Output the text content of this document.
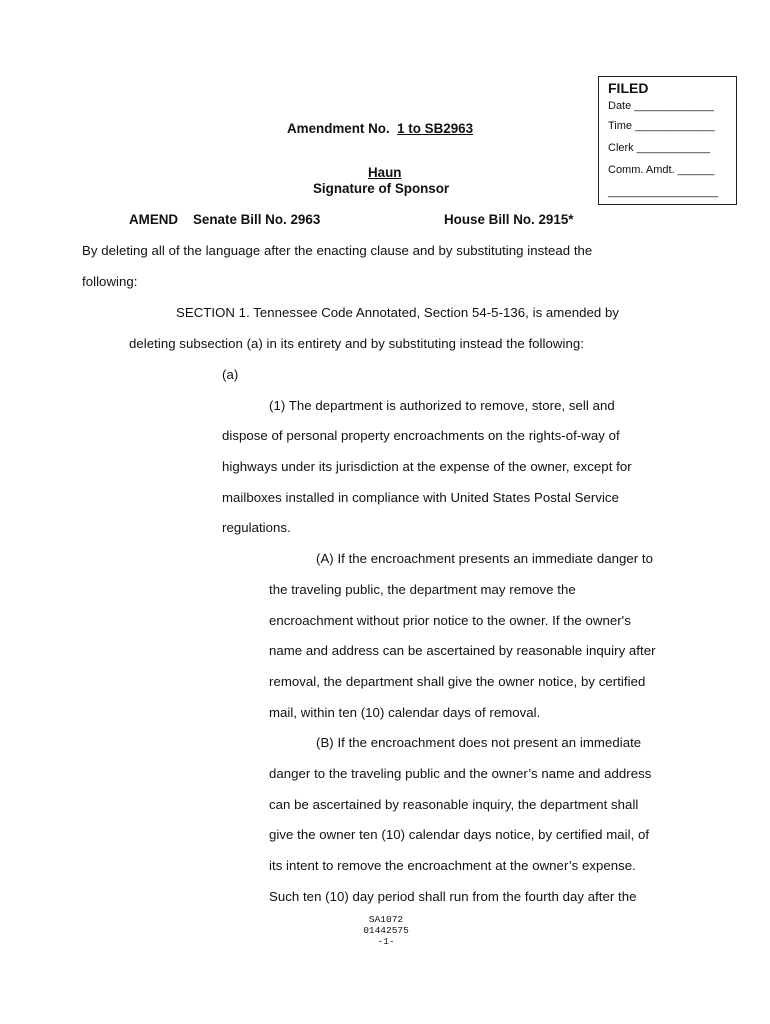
FILED
Date _____________
Time _____________
Clerk ____________
Comm. Amdt. ______
__________________
Amendment No. 1 to SB2963
Haun
Signature of Sponsor
AMEND Senate Bill No. 2963	House Bill No. 2915*
By deleting all of the language after the enacting clause and by substituting instead the
following:
SECTION 1. Tennessee Code Annotated, Section 54-5-136, is amended by
deleting subsection (a) in its entirety and by substituting instead the following:
(a)
(1) The department is authorized to remove, store, sell and
dispose of personal property encroachments on the rights-of-way of
highways under its jurisdiction at the expense of the owner, except for
mailboxes installed in compliance with United States Postal Service
regulations.
(A) If the encroachment presents an immediate danger to
the traveling public, the department may remove the
encroachment without prior notice to the owner. If the owner's
name and address can be ascertained by reasonable inquiry after
removal, the department shall give the owner notice, by certified
mail, within ten (10) calendar days of removal.
(B) If the encroachment does not present an immediate
danger to the traveling public and the owner’s name and address
can be ascertained by reasonable inquiry, the department shall
give the owner ten (10) calendar days notice, by certified mail, of
its intent to remove the encroachment at the owner’s expense.
Such ten (10) day period shall run from the fourth day after the
SA1072
01442575
-1-
